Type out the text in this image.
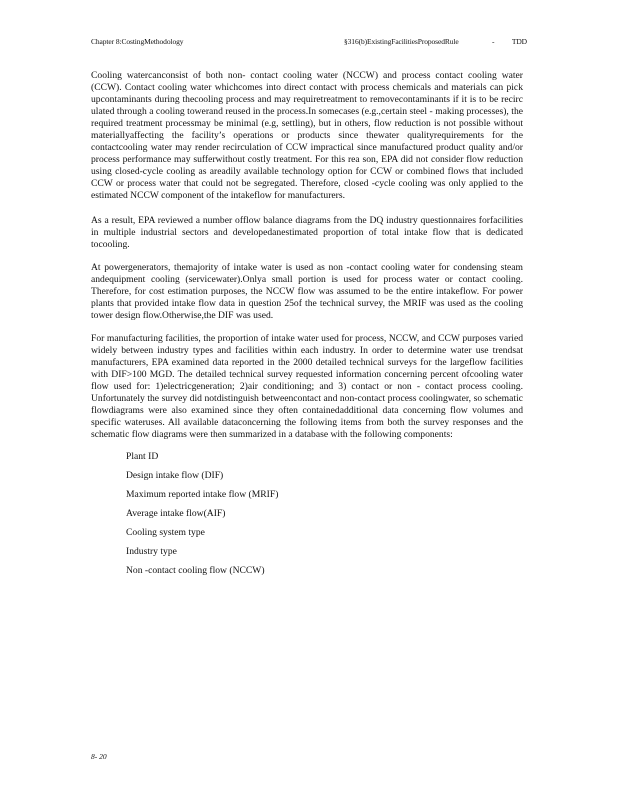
Chapter 8:CostingMethodology	§316(b)ExistingFacilitiesProposedRule	- TDD

Cooling watercanconsist of both non- contact cooling water (NCCW) and process contact cooling water (CCW). Contact cooling water whichcomes into direct contact with process chemicals and materials can pick upcontaminants during thecooling process and may requiretreatment to removecontaminants if it is to be recirc ulated through a cooling towerand reused in the process.In somecases (e.g.,certain steel - making processes), the required treatment processmay be minimal (e.g, settling), but in others, flow reduction is not possible without materiallyaffecting the facility’s operations or products since thewater qualityrequirements for the contactcooling water may render recirculation of CCW impractical since manufactured product quality and/or process performance may sufferwithout costly treatment. For this rea son, EPA did not consider flow reduction using closed-cycle cooling as areadily available technology option for CCW or combined flows that included CCW or process water that could not be segregated. Therefore, closed -cycle cooling was only applied to the estimated NCCW component of the intakeflow for manufacturers.

As a result, EPA reviewed a number offlow balance diagrams from the DQ industry questionnaires forfacilities in multiple industrial sectors and developedanestimated proportion of total intake flow that is dedicated tocooling.

At powergenerators, themajority of intake water is used as non -contact cooling water for condensing steam andequipment cooling (servicewater).Onlya small portion is used for process water or contact cooling. Therefore, for cost estimation purposes, the NCCW flow was assumed to be the entire intakeflow. For power plants that provided intake flow data in question 25of the technical survey, the MRIF was used as the cooling tower design flow.Otherwise,the DIF was used.

For manufacturing facilities, the proportion of intake water used for process, NCCW, and CCW purposes varied widely between industry types and facilities within each industry. In order to determine water use trendsat manufacturers, EPA examined data reported in the 2000 detailed technical surveys for the largeflow facilities with DIF>100 MGD. The detailed technical survey requested information concerning percent ofcooling water flow used for: 1)electricgeneration; 2)air conditioning; and 3) contact or non - contact process cooling. Unfortunately the survey did notdistinguish betweencontact and non-contact process coolingwater, so schematic flowdiagrams were also examined since they often containedadditional data concerning flow volumes and specific wateruses. All available dataconcerning the following items from both the survey responses and the schematic flow diagrams were then summarized in a database with the following components:

Plant ID
Design intake flow (DIF)
Maximum reported intake flow (MRIF)
Average intake flow(AIF)
Cooling system type
Industry type
Non -contact cooling flow (NCCW)
8- 20
